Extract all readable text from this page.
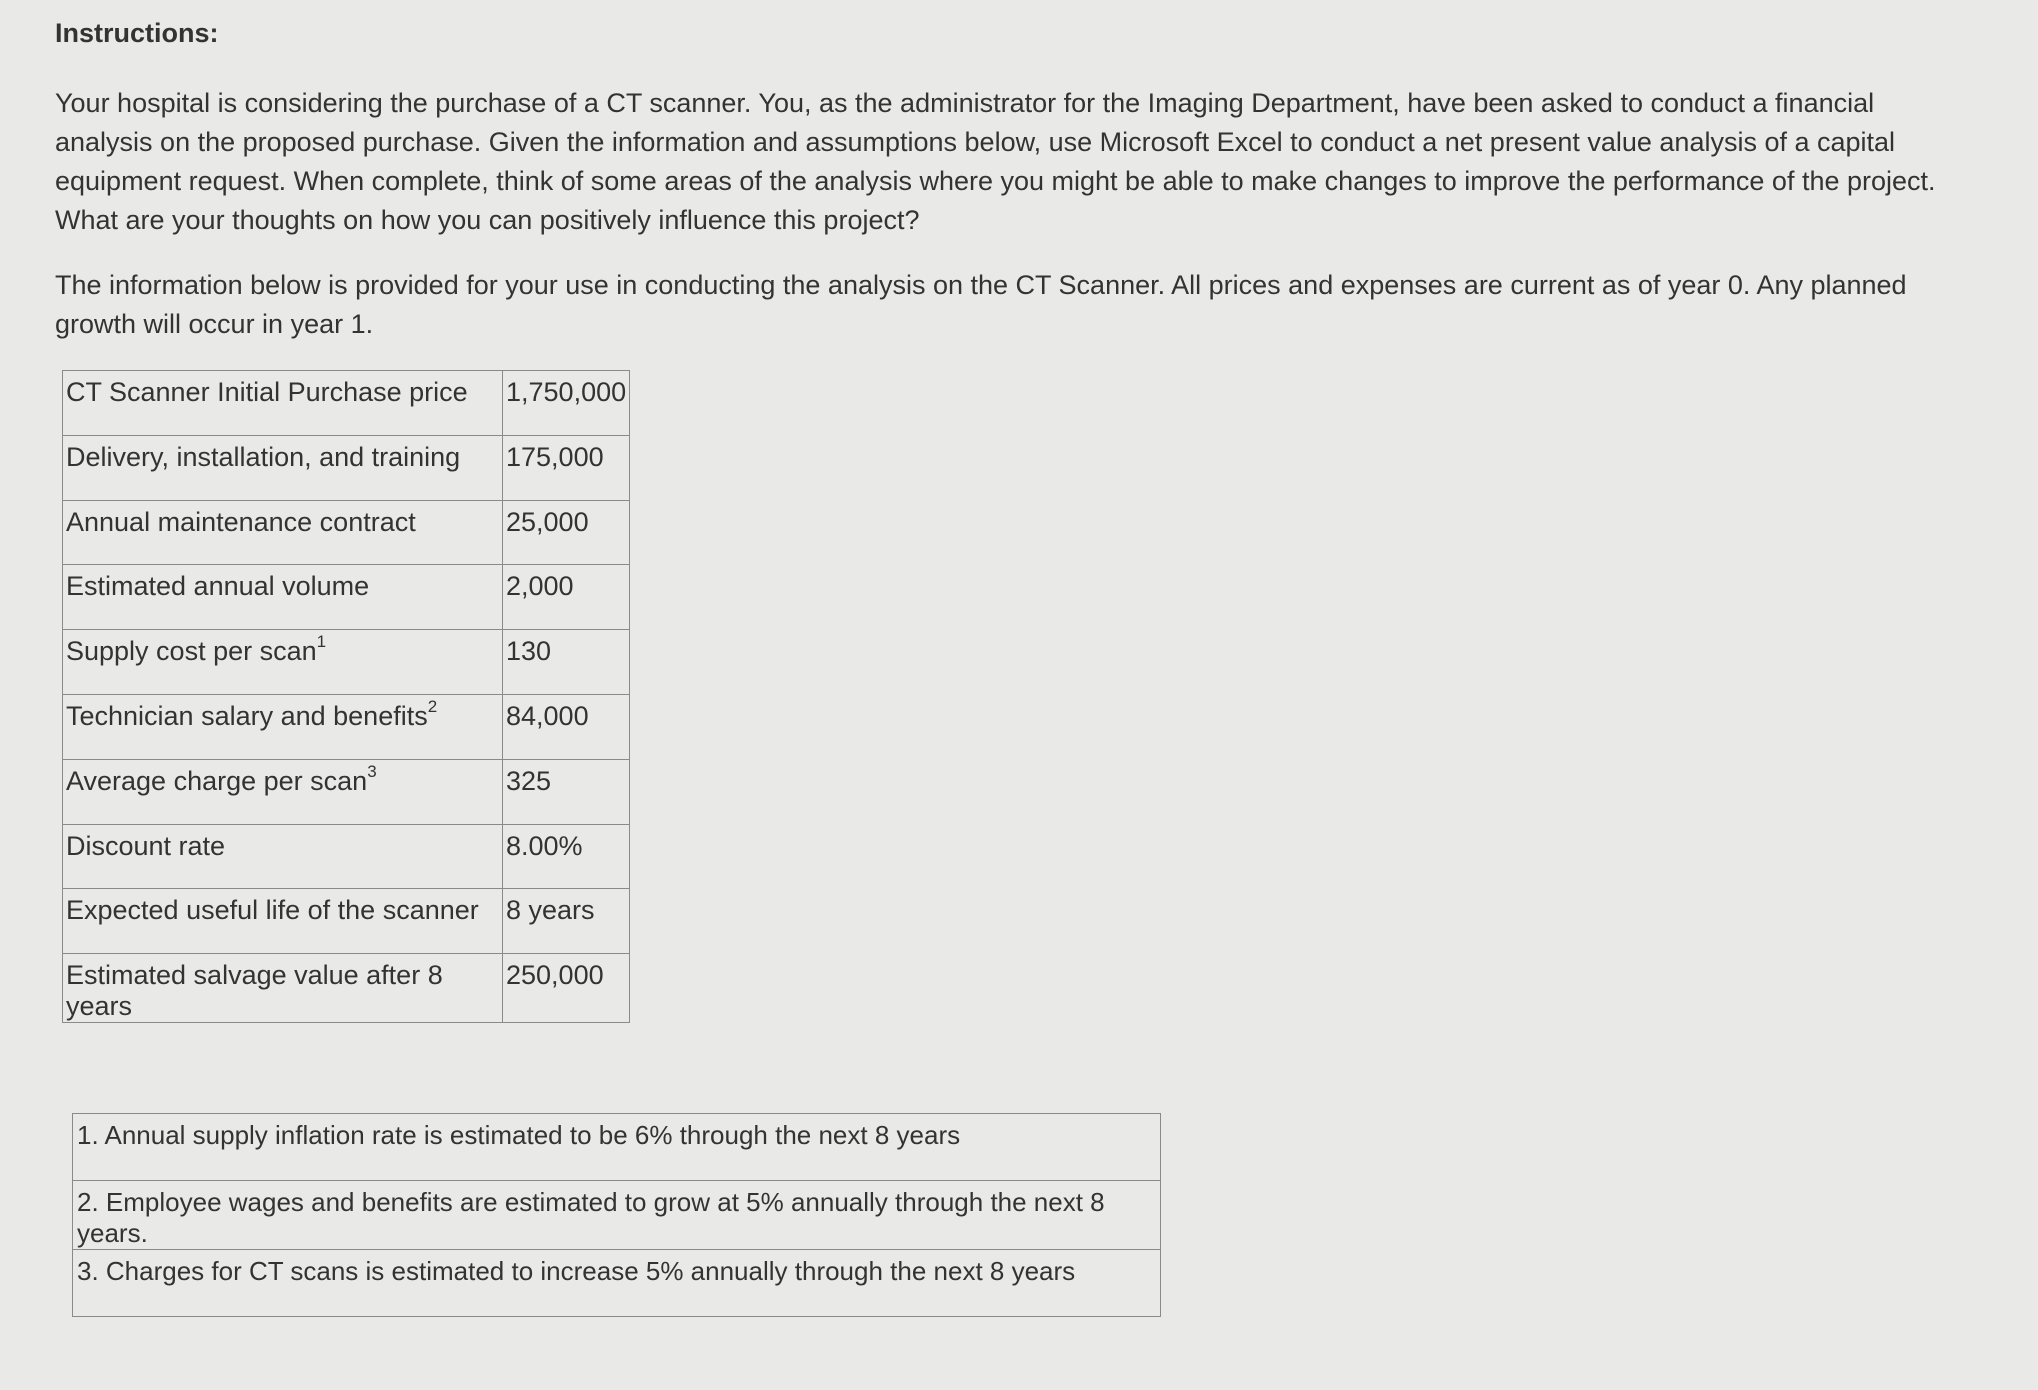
Instructions:
Your hospital is considering the purchase of a CT scanner. You, as the administrator for the Imaging Department, have been asked to conduct a financial analysis on the proposed purchase. Given the information and assumptions below, use Microsoft Excel to conduct a net present value analysis of a capital equipment request. When complete, think of some areas of the analysis where you might be able to make changes to improve the performance of the project. What are your thoughts on how you can positively influence this project?
The information below is provided for your use in conducting the analysis on the CT Scanner. All prices and expenses are current as of year 0. Any planned growth will occur in year 1.
CT Scanner Initial Purchase price	1,750,000
Delivery, installation, and training	175,000
Annual maintenance contract	25,000
Estimated annual volume	2,000
Supply cost per scan$^1$	130
Technician salary and benefits$^2$	84,000
Average charge per scan$^3$	325
Discount rate	8.00%
Expected useful life of the scanner	8 years
Estimated salvage value after 8 years	250,000
1. Annual supply inflation rate is estimated to be 6% through the next 8 years
2. Employee wages and benefits are estimated to grow at 5% annually through the next 8 years.
3. Charges for CT scans is estimated to increase 5% annually through the next 8 years
